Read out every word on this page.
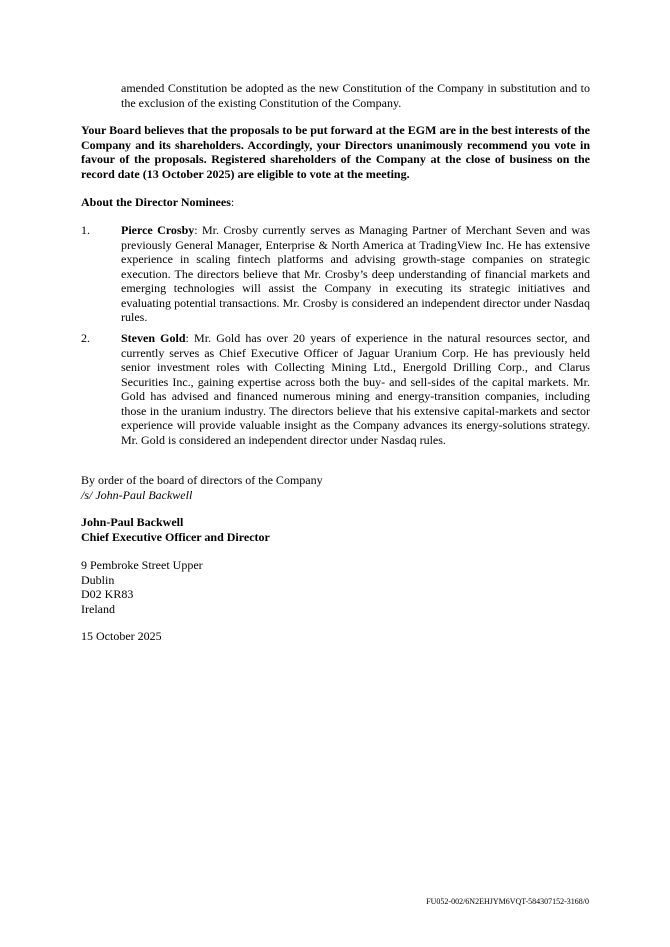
amended Constitution be adopted as the new Constitution of the Company in substitution and to the exclusion of the existing Constitution of the Company.

Your Board believes that the proposals to be put forward at the EGM are in the best interests of the Company and its shareholders. Accordingly, your Directors unanimously recommend you vote in favour of the proposals. Registered shareholders of the Company at the close of business on the record date (13 October 2025) are eligible to vote at the meeting.

About the Director Nominees:

1.	Pierce Crosby: Mr. Crosby currently serves as Managing Partner of Merchant Seven and was previously General Manager, Enterprise & North America at TradingView Inc. He has extensive experience in scaling fintech platforms and advising growth-stage companies on strategic execution. The directors believe that Mr. Crosby’s deep understanding of financial markets and emerging technologies will assist the Company in executing its strategic initiatives and evaluating potential transactions. Mr. Crosby is considered an independent director under Nasdaq rules.

2.	Steven Gold: Mr. Gold has over 20 years of experience in the natural resources sector, and currently serves as Chief Executive Officer of Jaguar Uranium Corp. He has previously held senior investment roles with Collecting Mining Ltd., Energold Drilling Corp., and Clarus Securities Inc., gaining expertise across both the buy- and sell-sides of the capital markets. Mr. Gold has advised and financed numerous mining and energy-transition companies, including those in the uranium industry. The directors believe that his extensive capital-markets and sector experience will provide valuable insight as the Company advances its energy-solutions strategy. Mr. Gold is considered an independent director under Nasdaq rules.

By order of the board of directors of the Company
/s/ John-Paul Backwell
John-Paul Backwell
Chief Executive Officer and Director
9 Pembroke Street Upper
Dublin
D02 KR83
Ireland

15 October 2025

FU052-002/6N2EHJYM6VQT-584307152-3168/0
